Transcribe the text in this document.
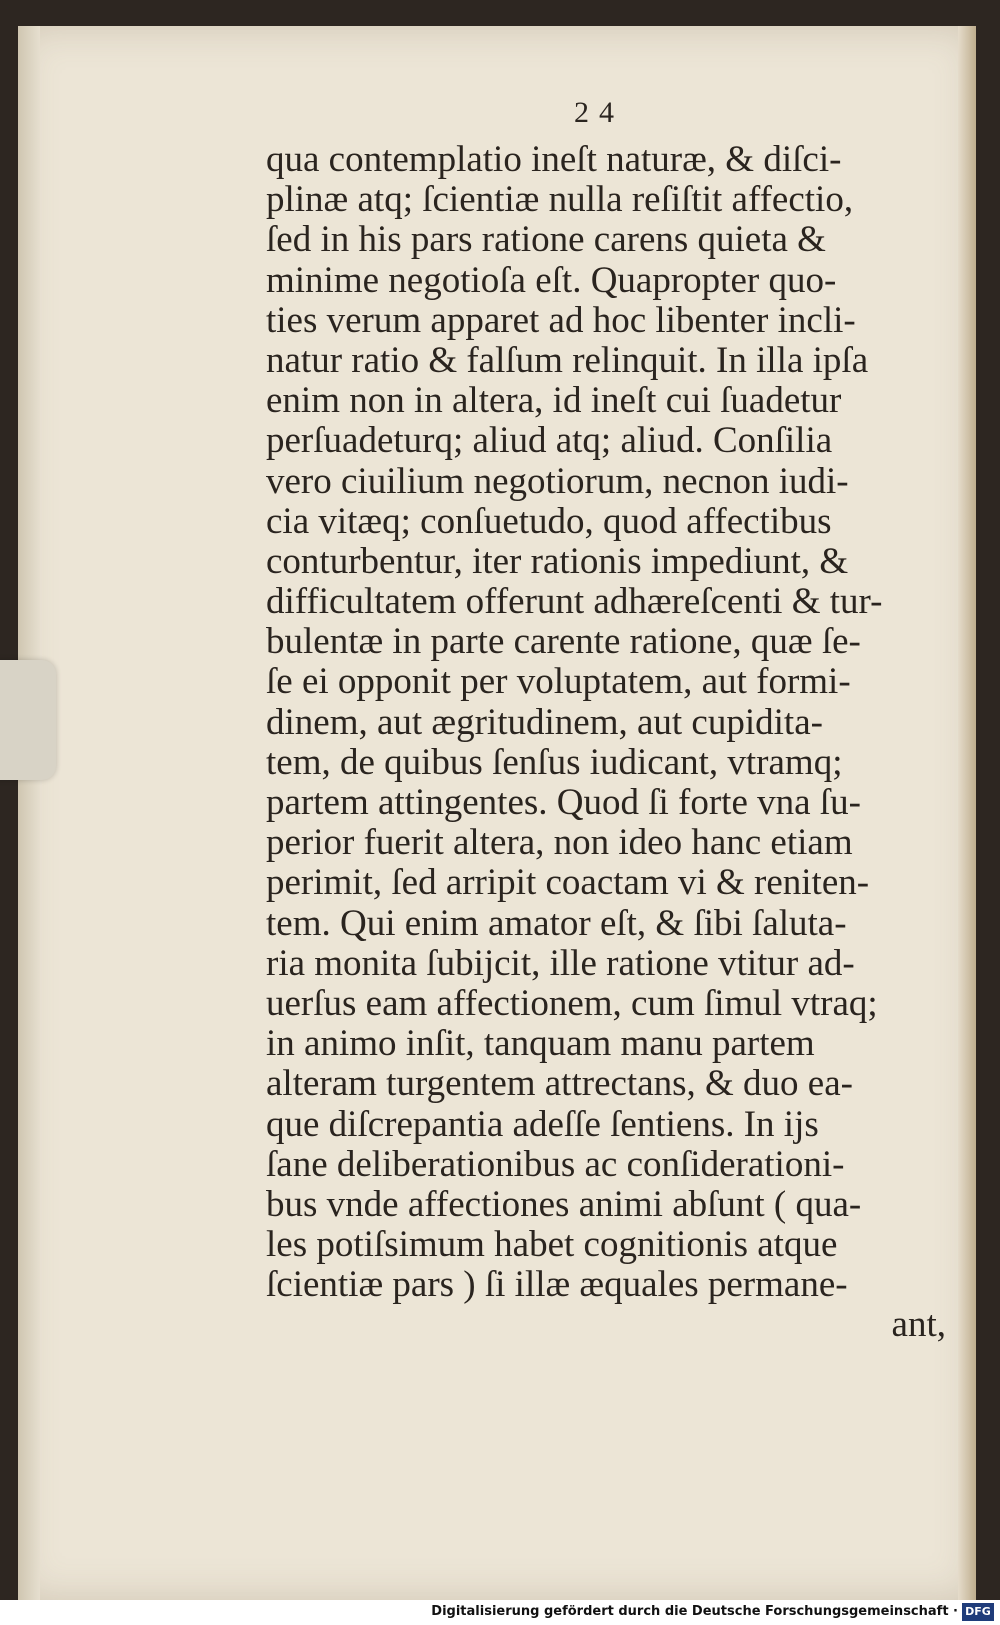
24
qua contemplatio ineſt naturæ, & diſci-
plinæ atq; ſcientiæ nulla reſiſtit affectio,
ſed in his pars ratione carens quieta &
minime negotioſa eſt. Quapropter quo-
ties verum apparet ad hoc libenter incli-
natur ratio & falſum relinquit. In illa ipſa
enim non in altera, id ineſt cui ſuadetur
perſuadeturq; aliud atq; aliud. Conſilia
vero ciuilium negotiorum, necnon iudi-
cia vitæq; conſuetudo, quod affectibus
conturbentur, iter rationis impediunt, &
difficultatem offerunt adhæreſcenti & tur-
bulentæ in parte carente ratione, quæ ſe-
ſe ei opponit per voluptatem, aut formi-
dinem, aut ægritudinem, aut cupidita-
tem, de quibus ſenſus iudicant, vtramq;
partem attingentes. Quod ſi forte vna ſu-
perior fuerit altera, non ideo hanc etiam
perimit, ſed arripit coactam vi & reniten-
tem. Qui enim amator eſt, & ſibi ſaluta-
ria monita ſubijcit, ille ratione vtitur ad-
uerſus eam affectionem, cum ſimul vtraq;
in animo inſit, tanquam manu partem
alteram turgentem attrectans, & duo ea-
que diſcrepantia adeſſe ſentiens. In ijs
ſane deliberationibus ac conſiderationi-
bus vnde affectiones animi abſunt ( qua-
les potiſsimum habet cognitionis atque
ſcientiæ pars ) ſi illæ æquales permane-
ant,
Digitalisierung gefördert durch die Deutsche Forschungsgemeinschaft · DFG
